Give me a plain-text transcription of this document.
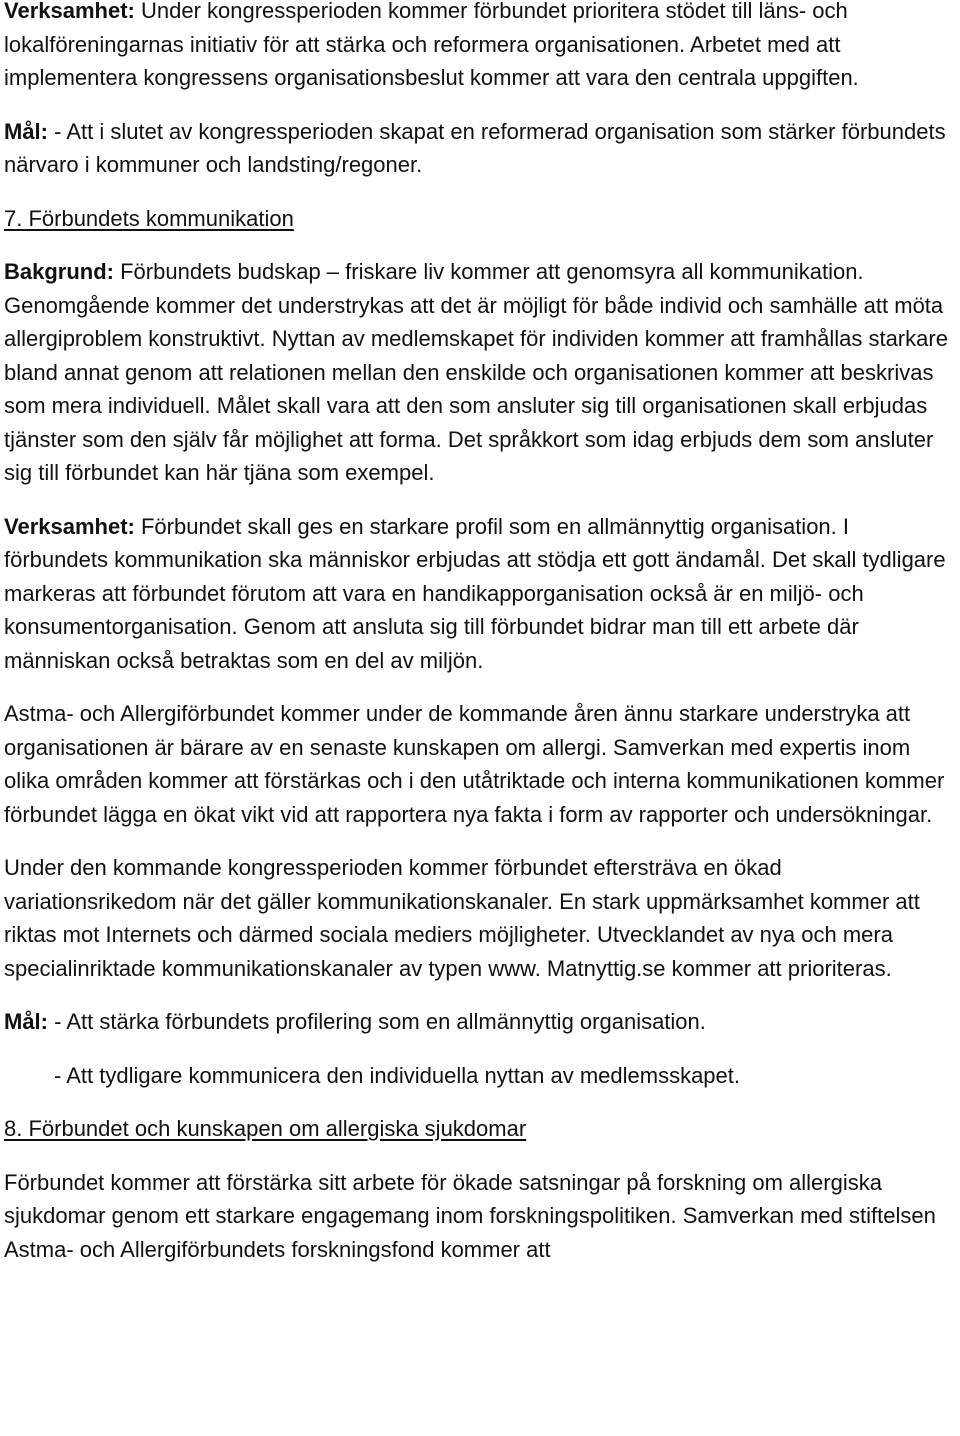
Verksamhet: Under kongressperioden kommer förbundet prioritera stödet till läns- och lokalföreningarnas initiativ för att stärka och reformera organisationen. Arbetet med att implementera kongressens organisationsbeslut kommer att vara den centrala uppgiften.

Mål: - Att i slutet av kongressperioden skapat en reformerad organisation som stärker förbundets närvaro i kommuner och landsting/regoner.

7. Förbundets kommunikation

Bakgrund: Förbundets budskap – friskare liv kommer att genomsyra all kommunikation. Genomgående kommer det understrykas att det är möjligt för både individ och samhälle att möta allergiproblem konstruktivt. Nyttan av medlemskapet för individen kommer att framhållas starkare bland annat genom att relationen mellan den enskilde och organisationen kommer att beskrivas som mera individuell. Målet skall vara att den som ansluter sig till organisationen skall erbjudas tjänster som den själv får möjlighet att forma. Det språkkort som idag erbjuds dem som ansluter sig till förbundet kan här tjäna som exempel.

Verksamhet: Förbundet skall ges en starkare profil som en allmännyttig organisation. I förbundets kommunikation ska människor erbjudas att stödja ett gott ändamål. Det skall tydligare markeras att förbundet förutom att vara en handikapporganisation också är en miljö- och konsumentorganisation. Genom att ansluta sig till förbundet bidrar man till ett arbete där människan också betraktas som en del av miljön.

Astma- och Allergiförbundet kommer under de kommande åren ännu starkare understryka att organisationen är bärare av en senaste kunskapen om allergi. Samverkan med expertis inom olika områden kommer att förstärkas och i den utåtriktade och interna kommunikationen kommer förbundet lägga en ökat vikt vid att rapportera nya fakta i form av rapporter och undersökningar.

Under den kommande kongressperioden kommer förbundet eftersträva en ökad variationsrikedom när det gäller kommunikationskanaler. En stark uppmärksamhet kommer att riktas mot Internets och därmed sociala mediers möjligheter. Utvecklandet av nya och mera specialinriktade kommunikationskanaler av typen www. Matnyttig.se kommer att prioriteras.

Mål: - Att stärka förbundets profilering som en allmännyttig organisation.

- Att tydligare kommunicera den individuella nyttan av medlemsskapet.

8. Förbundet och kunskapen om allergiska sjukdomar

Förbundet kommer att förstärka sitt arbete för ökade satsningar på forskning om allergiska sjukdomar genom ett starkare engagemang inom forskningspolitiken. Samverkan med stiftelsen Astma- och Allergiförbundets forskningsfond kommer att
